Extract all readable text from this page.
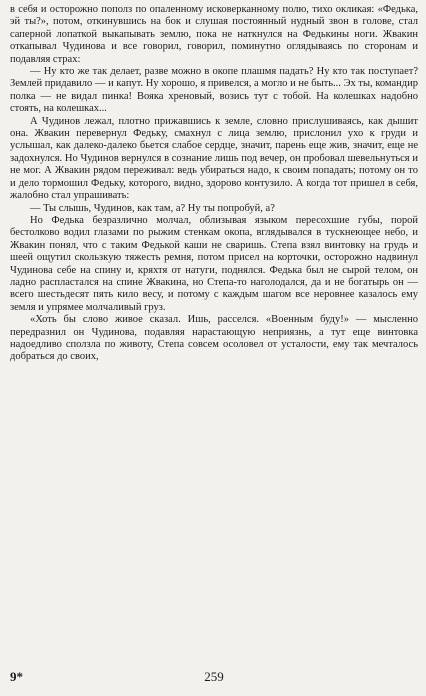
в себя и осторожно пополз по опаленному исковерканному полю, тихо окликая: «Федька, эй ты?», потом, откинувшись на бок и слушая постоянный нудный звон в голове, стал саперной лопаткой выкапывать землю, пока не наткнулся на Федькины ноги. Жвакин откапывал Чудинова и все говорил, говорил, поминутно оглядываясь по сторонам и подавляя страх:

— Ну кто же так делает, разве можно в окопе плашмя падать? Ну кто так поступает? Землей придавило — и капут. Ну хорошо, я привелся, а могло и не быть... Эх ты, командир полка — не видал пинка! Вояка хреновый, возись тут с тобой. На колешках надобно стоять, на колешках...

А Чудинов лежал, плотно прижавшись к земле, словно прислушиваясь, как дышит она. Жвакин перевернул Федьку, смахнул с лица землю, прислонил ухо к груди и услышал, как далеко-далеко бьется слабое сердце, значит, парень еще жив, значит, еще не задохнулся. Но Чудинов вернулся в сознание лишь под вечер, он пробовал шевельнуться и не мог. А Жвакин рядом переживал: ведь убираться надо, к своим попадать; потому он то и дело тормошил Федьку, которого, видно, здорово контузило. А когда тот пришел в себя, жалобно стал упрашивать:

— Ты слышь, Чудинов, как там, а? Ну ты попробуй, а?

Но Федька безразлично молчал, облизывая языком пересохшие губы, порой бестолково водил глазами по рыжим стенкам окопа, вглядывался в тускнеющее небо, и Жвакин понял, что с таким Федькой каши не сваришь. Степа взял винтовку на грудь и шеей ощутил скользкую тяжесть ремня, потом присел на корточки, осторожно надвинул Чудинова себе на спину и, кряхтя от натуги, поднялся. Федька был не сырой телом, он ладно распластался на спине Жвакина, но Степа-то наголодался, да и не богатырь он — всего шестьдесят пять кило весу, и потому с каждым шагом все неровнее казалось ему земля и упрямее молчаливый груз.

«Хоть бы слово живое сказал. Ишь, расселся. «Военным буду!» — мысленно передразнил он Чудинова, подавляя нарастающую неприязнь, а тут еще винтовка надоедливо сползла по животу, Степа совсем осоловел от усталости, ему так мечталось добраться до своих,

9*	259
